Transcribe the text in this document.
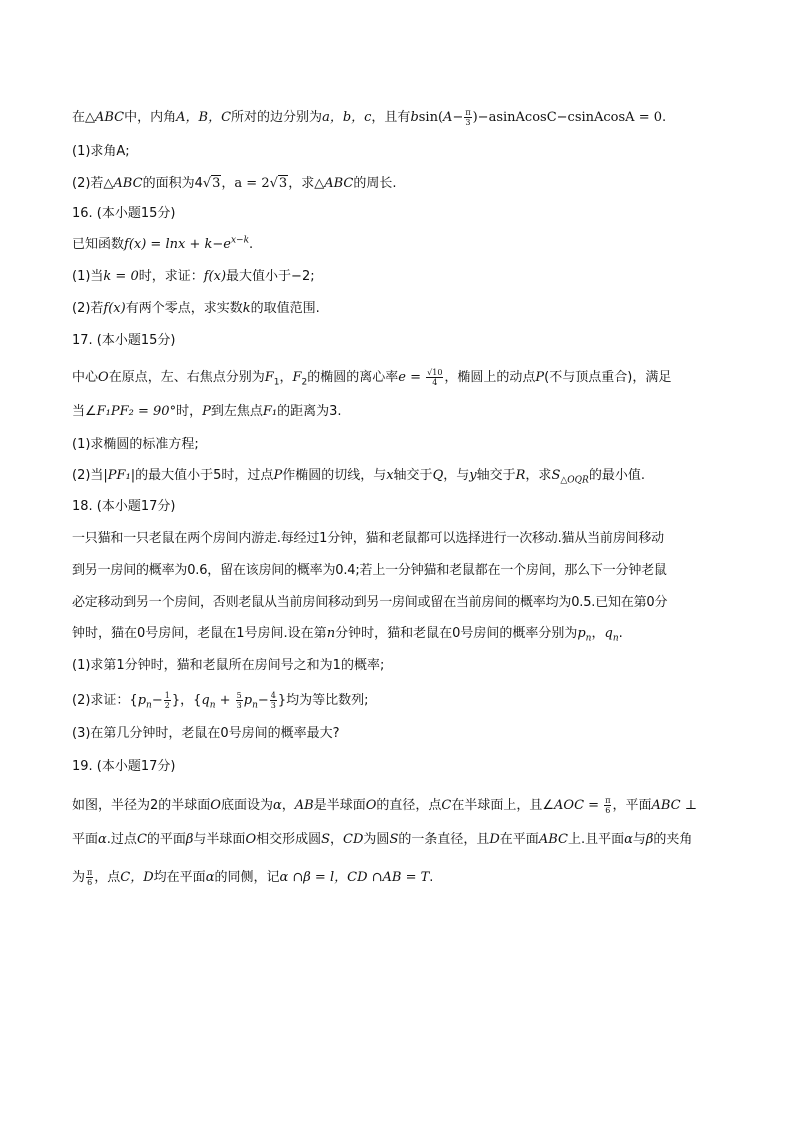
在△ABC中，内角A，B，C所对的边分别为a，b，c，且有$bsin(A- \frac{\pi}{3}$ )−asinAcosC−csinAcosA = 0.
(1)求角A;
(2)若△ABC的面积为4√3，a = 2√3，求△ABC的周长.
16. (本小题15分)
已知函数$f(x) = \ln x + k-e^{x-k}$.
(1)当k = 0时，求证：f(x)最大值小于−2;
(2)若f(x)有两个零点，求实数k的取值范围.
17. (本小题15分)
中心O在原点，左、右焦点分别为$F_1$，$F_2$的椭圆的离心率$e = \frac{√10}{4}$ ，椭圆上的动点P(不与顶点重合)，满足
当∠F₁PF₂ = 90°时，P到左焦点F₁的距离为3.
(1)求椭圆的标准方程;
(2)当|PF₁|的最大值小于5时，过点P作椭圆的切线，与x轴交于Q，与y轴交于R，求$S_{\triangle OQR}$的最小值.
18. (本小题17分)
一只猫和一只老鼠在两个房间内游走.每经过1分钟，猫和老鼠都可以选择进行一次移动.猫从当前房间移动
到另一房间的概率为0.6，留在该房间的概率为0.4;若上一分钟猫和老鼠都在一个房间，那么下一分钟老鼠
必定移动到另一个房间，否则老鼠从当前房间移动到另一房间或留在当前房间的概率均为0.5.已知在第0分
钟时，猫在0号房间，老鼠在1号房间.设在第n分钟时，猫和老鼠在0号房间的概率分别为$p_n$，$q_n$.
(1)求第1分钟时，猫和老鼠所在房间号之和为1的概率;
(2)求证：{$p_n- \frac{1}{2}$ }，{$q_n + \frac{5}{3} p_n- \frac{4}{3}$ }均为等比数列;
(3)在第几分钟时，老鼠在0号房间的概率最大?
19. (本小题17分)
如图，半径为2的半球面O底面设为α，AB是半球面O的直径，点C在半球面上，且∠AOC = $\frac{\pi}{6}$ ，平面ABC ⊥
平面α.过点C的平面β与半球面O相交形成圆S，CD为圆S的一条直径，且D在平面ABC上.且平面α与β的夹角
为 $\frac{\pi}{6}$ ，点C，D均在平面α的同侧，记α ∩β = l，CD ∩AB = T.
